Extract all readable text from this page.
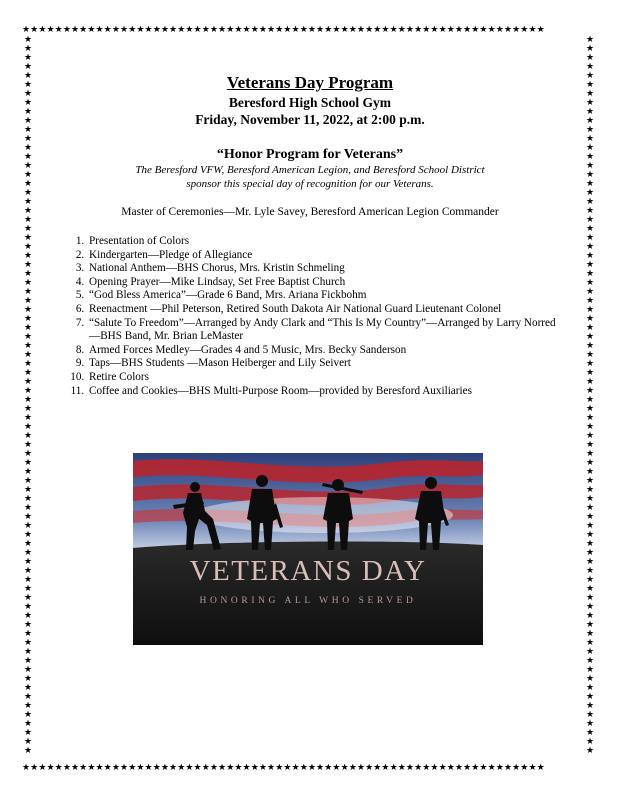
★★★★★★★★★★★★★★★★★★★★★★★★★★★★★★★★★★★★★★★★★★★★★★★★★★★★★★★★★★★★★★★★
★★★★★★★★★★★★★★★★★★★★★★★★★★★★★★★★★★★★★★★★★★★★★★★★★★★★★★★★★★★★★★★★
★★★★★★★★★★★★★★★★★★★★★★★★★★★★★★★★★★★★★★★★★★★★★★★★★★★★★★★★★★★★★★★★★★★★★★★★★★★★★★★★
★★★★★★★★★★★★★★★★★★★★★★★★★★★★★★★★★★★★★★★★★★★★★★★★★★★★★★★★★★★★★★★★★★★★★★★★★★★★★★★★

Veterans Day Program

Beresford High School Gym

Friday, November 11, 2022, at 2:00 p.m.

“Honor Program for Veterans”

The Beresford VFW, Beresford American Legion, and Beresford School District

sponsor this special day of recognition for our Veterans.

Master of Ceremonies—Mr. Lyle Savey, Beresford American Legion Commander

1. Presentation of Colors
2. Kindergarten—Pledge of Allegiance
3. National Anthem—BHS Chorus, Mrs. Kristin Schmeling
4. Opening Prayer—Mike Lindsay, Set Free Baptist Church
5. “God Bless America”—Grade 6 Band, Mrs. Ariana Fickbohm
6. Reenactment —Phil Peterson, Retired South Dakota Air National Guard Lieutenant Colonel
7. “Salute To Freedom”—Arranged by Andy Clark and “This Is My Country”—Arranged by Larry Norred—BHS Band, Mr. Brian LeMaster
8. Armed Forces Medley—Grades 4 and 5 Music, Mrs. Becky Sanderson
9. Taps—BHS Students —Mason Heiberger and Lily Seivert
10. Retire Colors
11. Coffee and Cookies—BHS Multi-Purpose Room—provided by Beresford Auxiliaries
VETERANS DAY
HONORING ALL WHO SERVED
